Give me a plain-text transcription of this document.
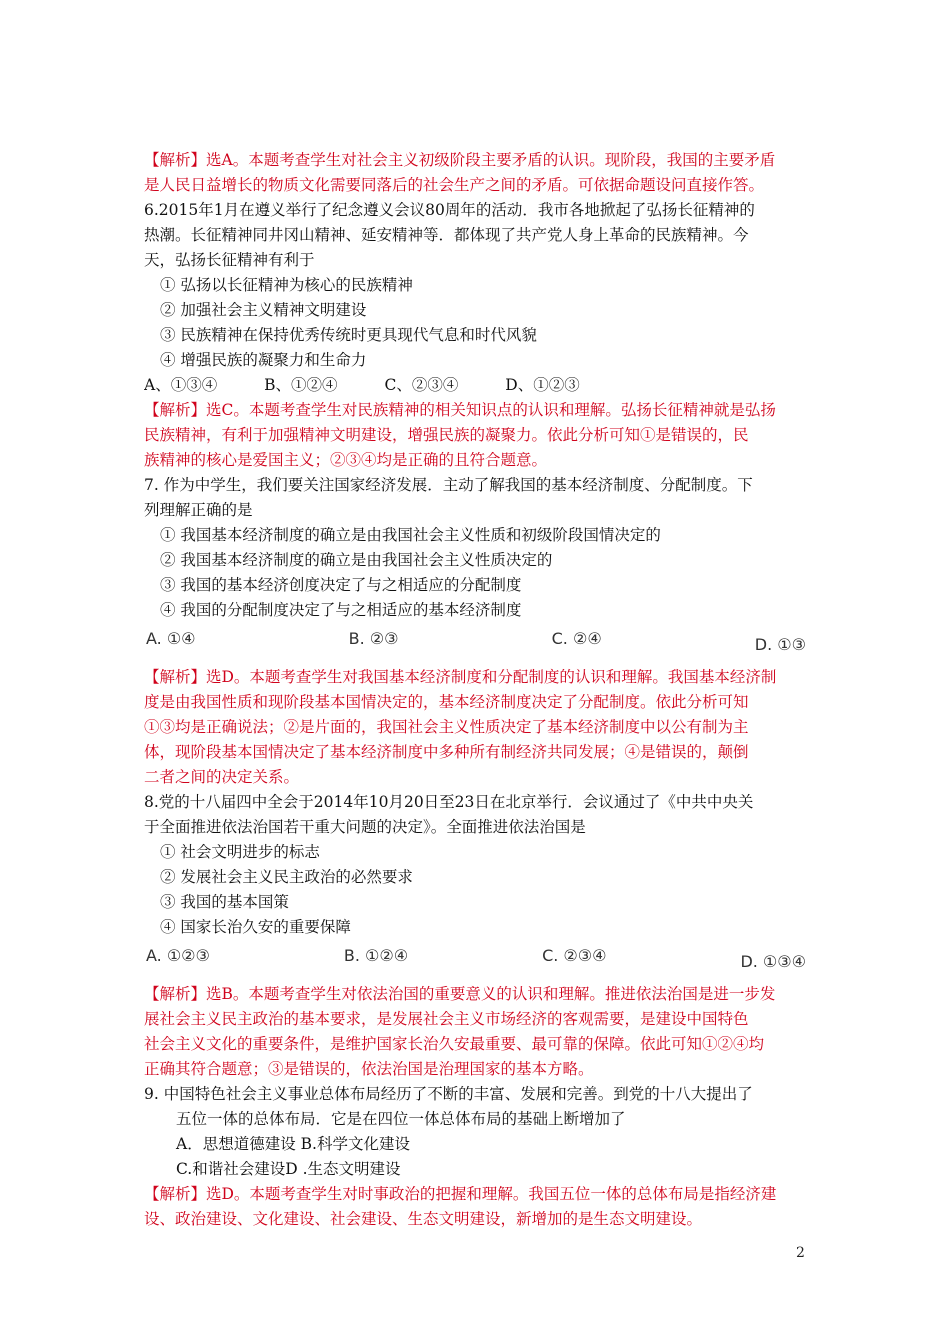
【解析】选A。本题考查学生对社会主义初级阶段主要矛盾的认识。现阶段，我国的主要矛盾
是人民日益增长的物质文化需要同落后的社会生产之间的矛盾。可依据命题设问直接作答。
6.2015年1月在遵义举行了纪念遵义会议80周年的活动．我市各地掀起了弘扬长征精神的
热潮。长征精神同井冈山精神、延安精神等．都体现了共产党人身上革命的民族精神。今
天，弘扬长征精神有利于
① 弘扬以长征精神为核心的民族精神
② 加强社会主义精神文明建设
③ 民族精神在保持优秀传统时更具现代气息和时代风貌
④ 增强民族的凝聚力和生命力
A、①③④	B、①②④	C、②③④	D、①②③
【解析】选C。本题考查学生对民族精神的相关知识点的认识和理解。弘扬长征精神就是弘扬
民族精神，有利于加强精神文明建设，增强民族的凝聚力。依此分析可知①是错误的，民
族精神的核心是爱国主义；②③④均是正确的且符合题意。
7. 作为中学生，我们要关注国家经济发展．主动了解我国的基本经济制度、分配制度。下
列理解正确的是
① 我国基本经济制度的确立是由我国社会主义性质和初级阶段国情决定的
② 我国基本经济制度的确立是由我国社会主义性质决定的
③ 我国的基本经济创度决定了与之相适应的分配制度
④ 我国的分配制度决定了与之相适应的基本经济制度
A. ①④	B. ②③	C. ②④	D. ①③
【解析】选D。本题考查学生对我国基本经济制度和分配制度的认识和理解。我国基本经济制
度是由我国性质和现阶段基本国情决定的，基本经济制度决定了分配制度。依此分析可知
①③均是正确说法；②是片面的，我国社会主义性质决定了基本经济制度中以公有制为主
体，现阶段基本国情决定了基本经济制度中多种所有制经济共同发展；④是错误的，颠倒
二者之间的决定关系。
8.党的十八届四中全会于2014年10月20日至23日在北京举行．会议通过了《中共中央关
于全面推进依法治国若干重大问题的决定》。全面推进依法治国是
① 社会文明进步的标志
② 发展社会主义民主政治的必然要求
③ 我国的基本国策
④ 国家长治久安的重要保障
A. ①②③	B. ①②④	C. ②③④	D. ①③④
【解析】选B。本题考查学生对依法治国的重要意义的认识和理解。推进依法治国是进一步发
展社会主义民主政治的基本要求，是发展社会主义市场经济的客观需要，是建设中国特色
社会主义文化的重要条件，是维护国家长治久安最重要、最可靠的保障。依此可知①②④均
正确其符合题意；③是错误的，依法治国是治理国家的基本方略。
9. 中国特色社会主义事业总体布局经历了不断的丰富、发展和完善。到党的十八大提出了
五位一体的总体布局．它是在四位一体总体布局的基础上断增加了
A．思想道德建设 B.科学文化建设
C.和谐社会建设D .生态文明建设
【解析】选D。本题考查学生对时事政治的把握和理解。我国五位一体的总体布局是指经济建
设、政治建设、文化建设、社会建设、生态文明建设，新增加的是生态文明建设。
2
